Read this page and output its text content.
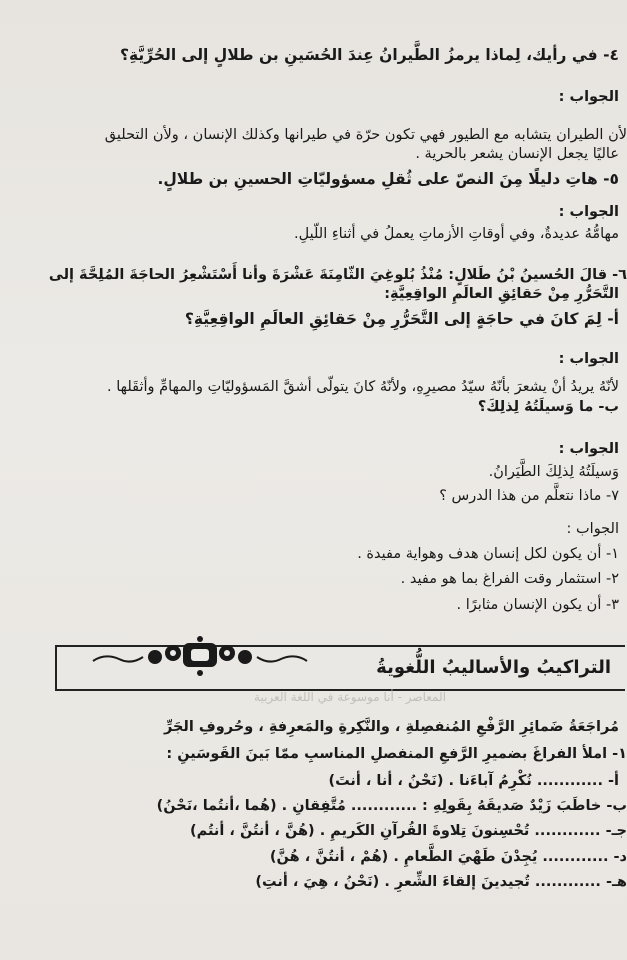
٤- في رأيك، لِماذا يرمزُ الطَّيرانُ عِندَ الحُسَينِ بن طلالٍ إلى الحُرِّيَّةِ؟
الجواب :
لأن الطيران يتشابه مع الطيور فهي تكون حرّة في طيرانها وكذلك الإنسان ، ولأن التحليق
عاليًا يجعل الإنسان يشعر بالحرية .
٥- هاتِ دليلًا مِنَ النصّ على ثُقلِ مسؤوليّاتِ الحسينِ بن طلالٍ.
الجواب :
مهامُّهُ عديدةٌ، وفي أوقاتِ الأزماتِ يعملُ في أثناءِ اللّيلِ.
٦- قالَ الحُسينُ بْنُ طَلالٍ: مُنْذُ بُلوغِيَ الثّامِنَةَ عَشْرَةَ وأنا أَسْتَشْعِرُ الحاجَةَ المُلِحَّةَ إلى
التَّحَرُّرِ مِنْ حَقائِقِ العالَمِ الواقِعِيَّةِ:
أ- لِمَ كانَ في حاجَةٍ إلى التَّحَرُّرِ مِنْ حَقائِقِ العالَمِ الواقِعِيَّةِ؟
الجواب :
لأنّهُ يريدُ أنْ يشعرَ بأنّهُ سيّدُ مصيرِهِ، ولأنّهُ كانَ يتولّى أشقَّ المَسؤوليّاتِ والمهامِّ وأثقَلها .
ب- ما وَسيلَتُهُ لِذلِكَ؟
الجواب :
وَسيلَتُهُ لِذلِكَ الطَّيَرانُ.
٧- ماذا نتعلَّم من هذا الدرس ؟
الجواب :
١- أن يكون لكل إنسان هدف وهواية مفيدة .
٢- استثمار وقت الفراغ بما هو مفيد .
٣- أن يكون الإنسان مثابرًا .
التراكيبُ والأساليبُ اللُّغويةُ
المعاصر - أنا موسوعة في اللغة العربية
مُراجَعَةُ ضَمائِرِ الرَّفْعِ المُنفصِلةِ ، والنَّكِرةِ والمَعرِفةِ ، وحُروفِ الجَرِّ
١- املأ الفراغَ بضميرِ الرَّفعِ المنفصلِ المناسبِ ممّا بَينَ القَوسَينِ :
أ- ............ نُكْرِمُ آباءَنا . (نَحْنُ ، أنا ، أنتَ)
ب- خاطَبَ زَيْدٌ صَديقَهُ بِقَولِهِ : ............ مُتَّفِقانِ . (هُما ،أنتُما ،نَحْنُ)
جـ- ............ تُحْسِنونَ تِلاوةَ القُرآنِ الكَريمِ . (هُنَّ ، أنتُنَّ ، أنتُم)
د- ............ يُجِدْنَ طَهْيَ الطَّعامِ . (هُمْ ، أنتُنَّ ، هُنَّ)
هـ- ............ تُجيدينَ إلقاءَ الشِّعرِ . (نَحْنُ ، هِيَ ، أنتِ)
